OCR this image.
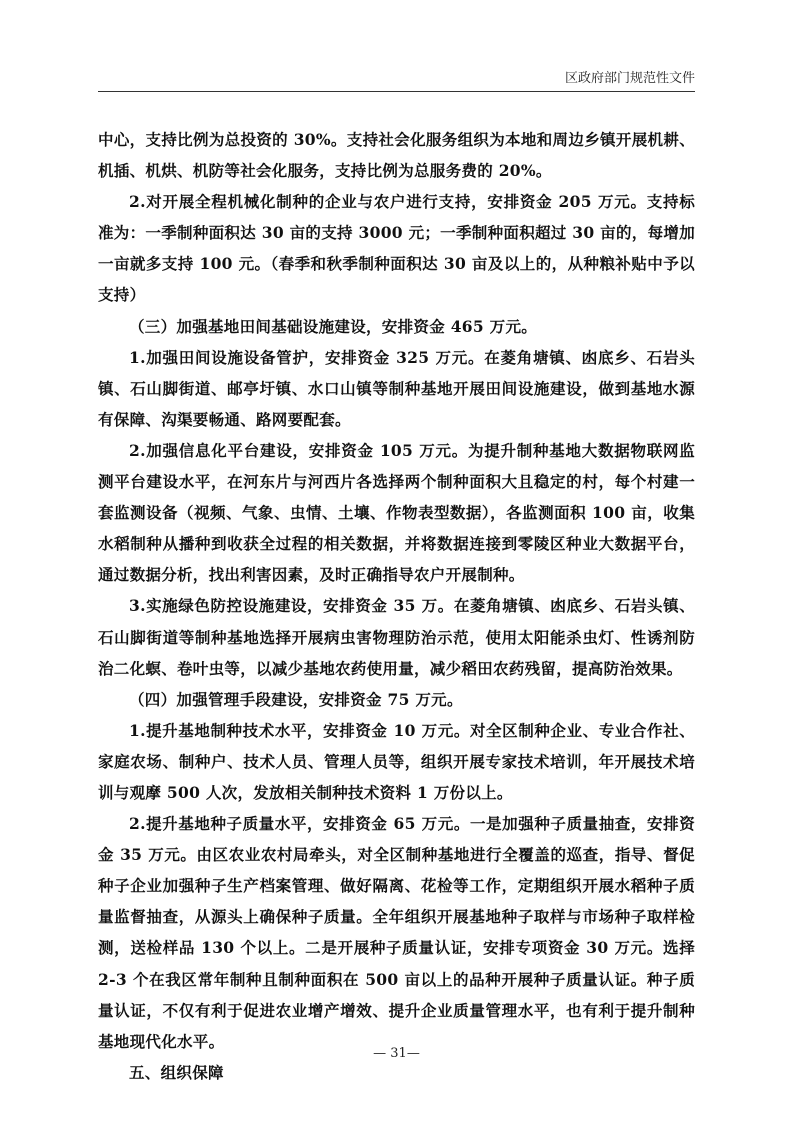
区政府部门规范性文件

中心，支持比例为总投资的 30%。支持社会化服务组织为本地和周边乡镇开展机耕、机插、机烘、机防等社会化服务，支持比例为总服务费的 20%。

2.对开展全程机械化制种的企业与农户进行支持，安排资金 205 万元。支持标准为：一季制种面积达 30 亩的支持 3000 元；一季制种面积超过 30 亩的，每增加一亩就多支持 100 元。（春季和秋季制种面积达 30 亩及以上的，从种粮补贴中予以支持）

（三）加强基地田间基础设施建设，安排资金 465 万元。

1.加强田间设施设备管护，安排资金 325 万元。在菱角塘镇、凼底乡、石岩头镇、石山脚街道、邮亭圩镇、水口山镇等制种基地开展田间设施建设，做到基地水源有保障、沟渠要畅通、路网要配套。

2.加强信息化平台建设，安排资金 105 万元。为提升制种基地大数据物联网监测平台建设水平，在河东片与河西片各选择两个制种面积大且稳定的村，每个村建一套监测设备（视频、气象、虫情、土壤、作物表型数据），各监测面积 100 亩，收集水稻制种从播种到收获全过程的相关数据，并将数据连接到零陵区种业大数据平台，通过数据分析，找出利害因素，及时正确指导农户开展制种。

3.实施绿色防控设施建设，安排资金 35 万。在菱角塘镇、凼底乡、石岩头镇、石山脚街道等制种基地选择开展病虫害物理防治示范，使用太阳能杀虫灯、性诱剂防治二化螟、卷叶虫等，以减少基地农药使用量，减少稻田农药残留，提高防治效果。

（四）加强管理手段建设，安排资金 75 万元。

1.提升基地制种技术水平，安排资金 10 万元。对全区制种企业、专业合作社、家庭农场、制种户、技术人员、管理人员等，组织开展专家技术培训，年开展技术培训与观摩 500 人次，发放相关制种技术资料 1 万份以上。

2.提升基地种子质量水平，安排资金 65 万元。一是加强种子质量抽查，安排资金 35 万元。由区农业农村局牵头，对全区制种基地进行全覆盖的巡查，指导、督促种子企业加强种子生产档案管理、做好隔离、花检等工作，定期组织开展水稻种子质量监督抽查，从源头上确保种子质量。全年组织开展基地种子取样与市场种子取样检测，送检样品 130 个以上。二是开展种子质量认证，安排专项资金 30 万元。选择 2-3 个在我区常年制种且制种面积在 500 亩以上的品种开展种子质量认证。种子质量认证，不仅有利于促进农业增产增效、提升企业质量管理水平，也有利于提升制种基地现代化水平。

五、组织保障

— 31—
